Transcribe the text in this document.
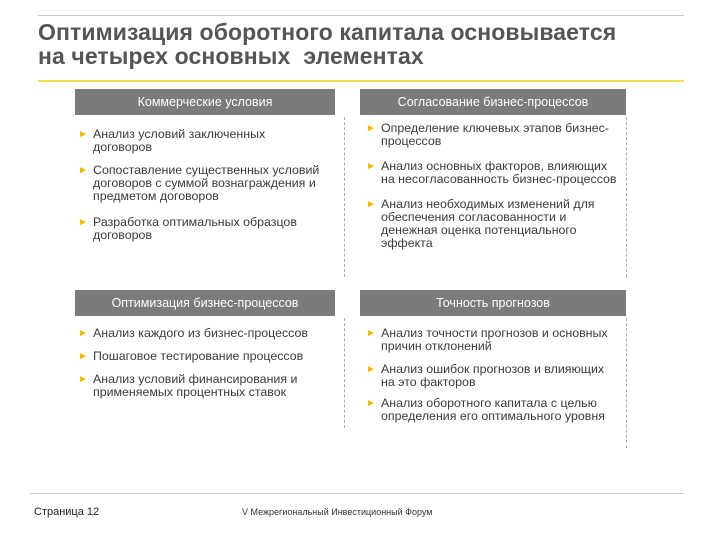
Оптимизация оборотного капитала основывается
на четырех основных  элементах
Коммерческие условия
► Анализ условий заключенных договоров
► Сопоставление существенных условий договоров с суммой вознаграждения и предметом договоров
► Разработка оптимальных образцов договоров
Согласование бизнес-процессов
► Определение ключевых этапов бизнес-процессов
► Анализ основных факторов, влияющих на несогласованность бизнес-процессов
► Анализ необходимых изменений для обеспечения согласованности и денежная оценка потенциального эффекта
Оптимизация бизнес-процессов
► Анализ каждого из бизнес-процессов
► Пошаговое тестирование процессов
► Анализ условий финансирования и применяемых процентных ставок
Точность прогнозов
► Анализ точности прогнозов и основных причин отклонений
► Анализ ошибок прогнозов и влияющих на это факторов
► Анализ оборотного капитала с целью определения его оптимального уровня
Страница 12	V Межрегиональный Инвестиционный Форум
